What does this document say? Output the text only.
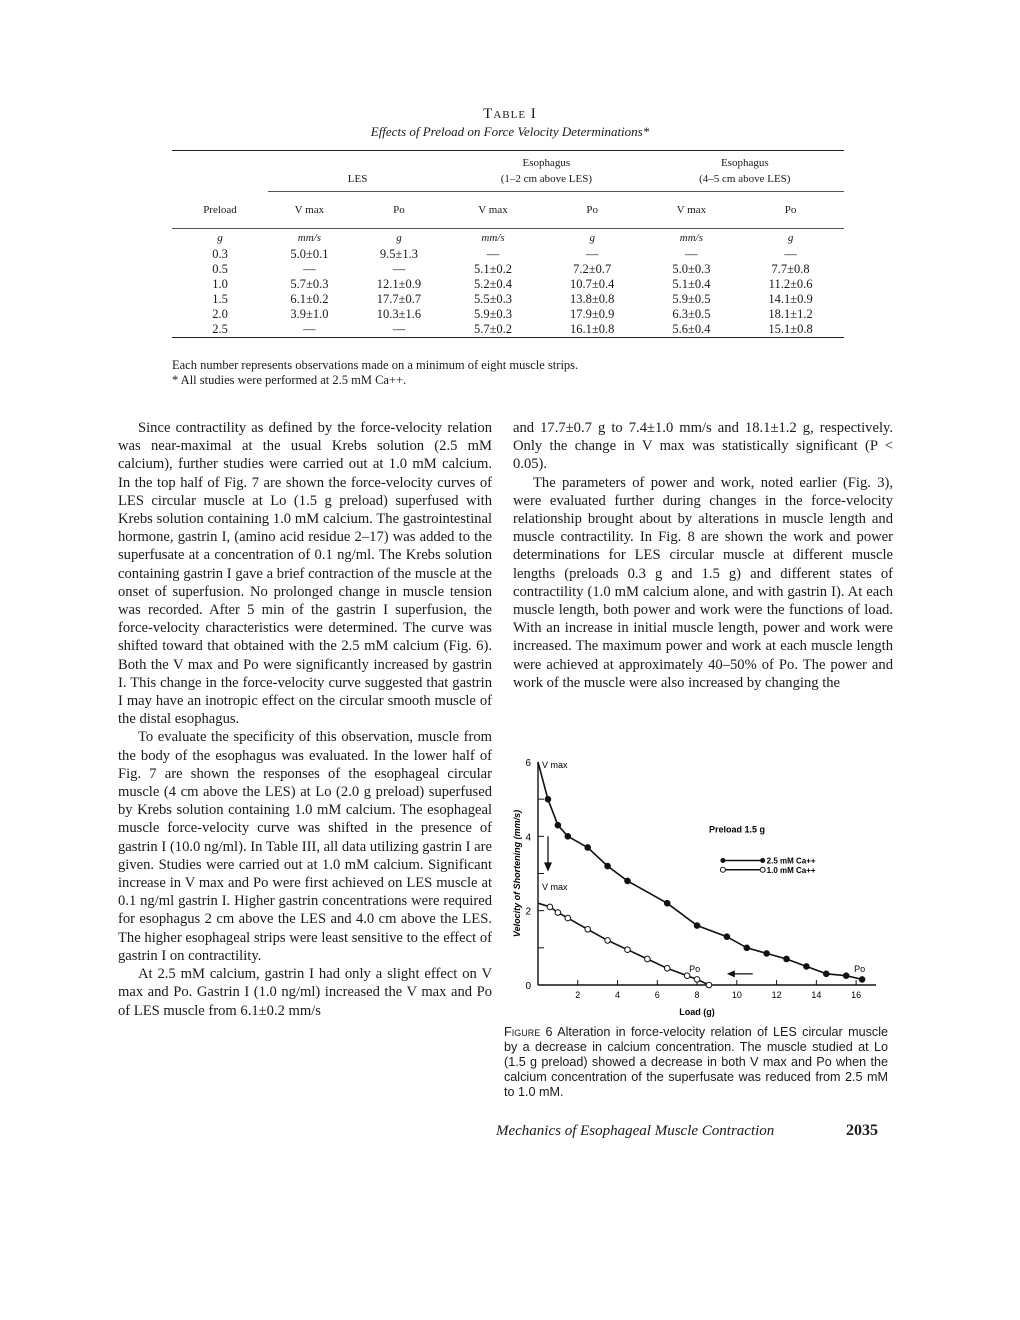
Table I
Effects of Preload on Force Velocity Determinations*
			Esophagus		Esophagus	
	LES		(1–2 cm above LES)		(4–5 cm above LES)	
Preload	V max	Po	V max	Po	V max	Po
g	mm/s	g	mm/s	g	mm/s	g
0.3	5.0±0.1	9.5±1.3	—	—	—	—
0.5	—	—	5.1±0.2	7.2±0.7	5.0±0.3	7.7±0.8
1.0	5.7±0.3	12.1±0.9	5.2±0.4	10.7±0.4	5.1±0.4	11.2±0.6
1.5	6.1±0.2	17.7±0.7	5.5±0.3	13.8±0.8	5.9±0.5	14.1±0.9
2.0	3.9±1.0	10.3±1.6	5.9±0.3	17.9±0.9	6.3±0.5	18.1±1.2
2.5	—	—	5.7±0.2	16.1±0.8	5.6±0.4	15.1±0.8
Each number represents observations made on a minimum of eight muscle strips.
* All studies were performed at 2.5 mM Ca++.

Since contractility as defined by the force-velocity relation was near-maximal at the usual Krebs solution (2.5 mM calcium), further studies were carried out at 1.0 mM calcium. In the top half of Fig. 7 are shown the force-velocity curves of LES circular muscle at Lo (1.5 g preload) superfused with Krebs solution containing 1.0 mM calcium. The gastrointestinal hormone, gastrin I, (amino acid residue 2–17) was added to the superfusate at a concentration of 0.1 ng/ml. The Krebs solution containing gastrin I gave a brief contraction of the muscle at the onset of superfusion. No prolonged change in muscle tension was recorded. After 5 min of the gastrin I superfusion, the force-velocity characteristics were determined. The curve was shifted toward that obtained with the 2.5 mM calcium (Fig. 6). Both the V max and Po were significantly increased by gastrin I. This change in the force-velocity curve suggested that gastrin I may have an inotropic effect on the circular smooth muscle of the distal esophagus.

To evaluate the specificity of this observation, muscle from the body of the esophagus was evaluated. In the lower half of Fig. 7 are shown the responses of the esophageal circular muscle (4 cm above the LES) at Lo (2.0 g preload) superfused by Krebs solution containing 1.0 mM calcium. The esophageal muscle force-velocity curve was shifted in the presence of gastrin I (10.0 ng/ml). In Table III, all data utilizing gastrin I are given. Studies were carried out at 1.0 mM calcium. Significant increase in V max and Po were first achieved on LES muscle at 0.1 ng/ml gastrin I. Higher gastrin concentrations were required for esophagus 2 cm above the LES and 4.0 cm above the LES. The higher esophageal strips were least sensitive to the effect of gastrin I on contractility.

At 2.5 mM calcium, gastrin I had only a slight effect on V max and Po. Gastrin I (1.0 ng/ml) increased the V max and Po of LES muscle from 6.1±0.2 mm/s

and 17.7±0.7 g to 7.4±1.0 mm/s and 18.1±1.2 g, respectively. Only the change in V max was statistically significant (P < 0.05).

The parameters of power and work, noted earlier (Fig. 3), were evaluated further during changes in the force-velocity relationship brought about by alterations in muscle length and muscle contractility. In Fig. 8 are shown the work and power determinations for LES circular muscle at different muscle lengths (preloads 0.3 g and 1.5 g) and different states of contractility (1.0 mM calcium alone, and with gastrin I). At each muscle length, both power and work were the functions of load. With an increase in initial muscle length, power and work were increased. The maximum power and work at each muscle length were achieved at approximately 40–50% of Po. The power and work of the muscle were also increased by changing the

0
2
4
6
2	4	6	8	10	12	14	16
Load (g)
Velocity of Shortening (mm/s)
V max
V max
Po	Po
Preload 1.5 g
2.5 mM Ca++
1.0 mM Ca++
Figure 6 Alteration in force-velocity relation of LES circular muscle by a decrease in calcium concentration. The muscle studied at Lo (1.5 g preload) showed a decrease in both V max and Po when the calcium concentration of the superfusate was reduced from 2.5 mM to 1.0 mM.
Mechanics of Esophageal Muscle Contraction	2035
